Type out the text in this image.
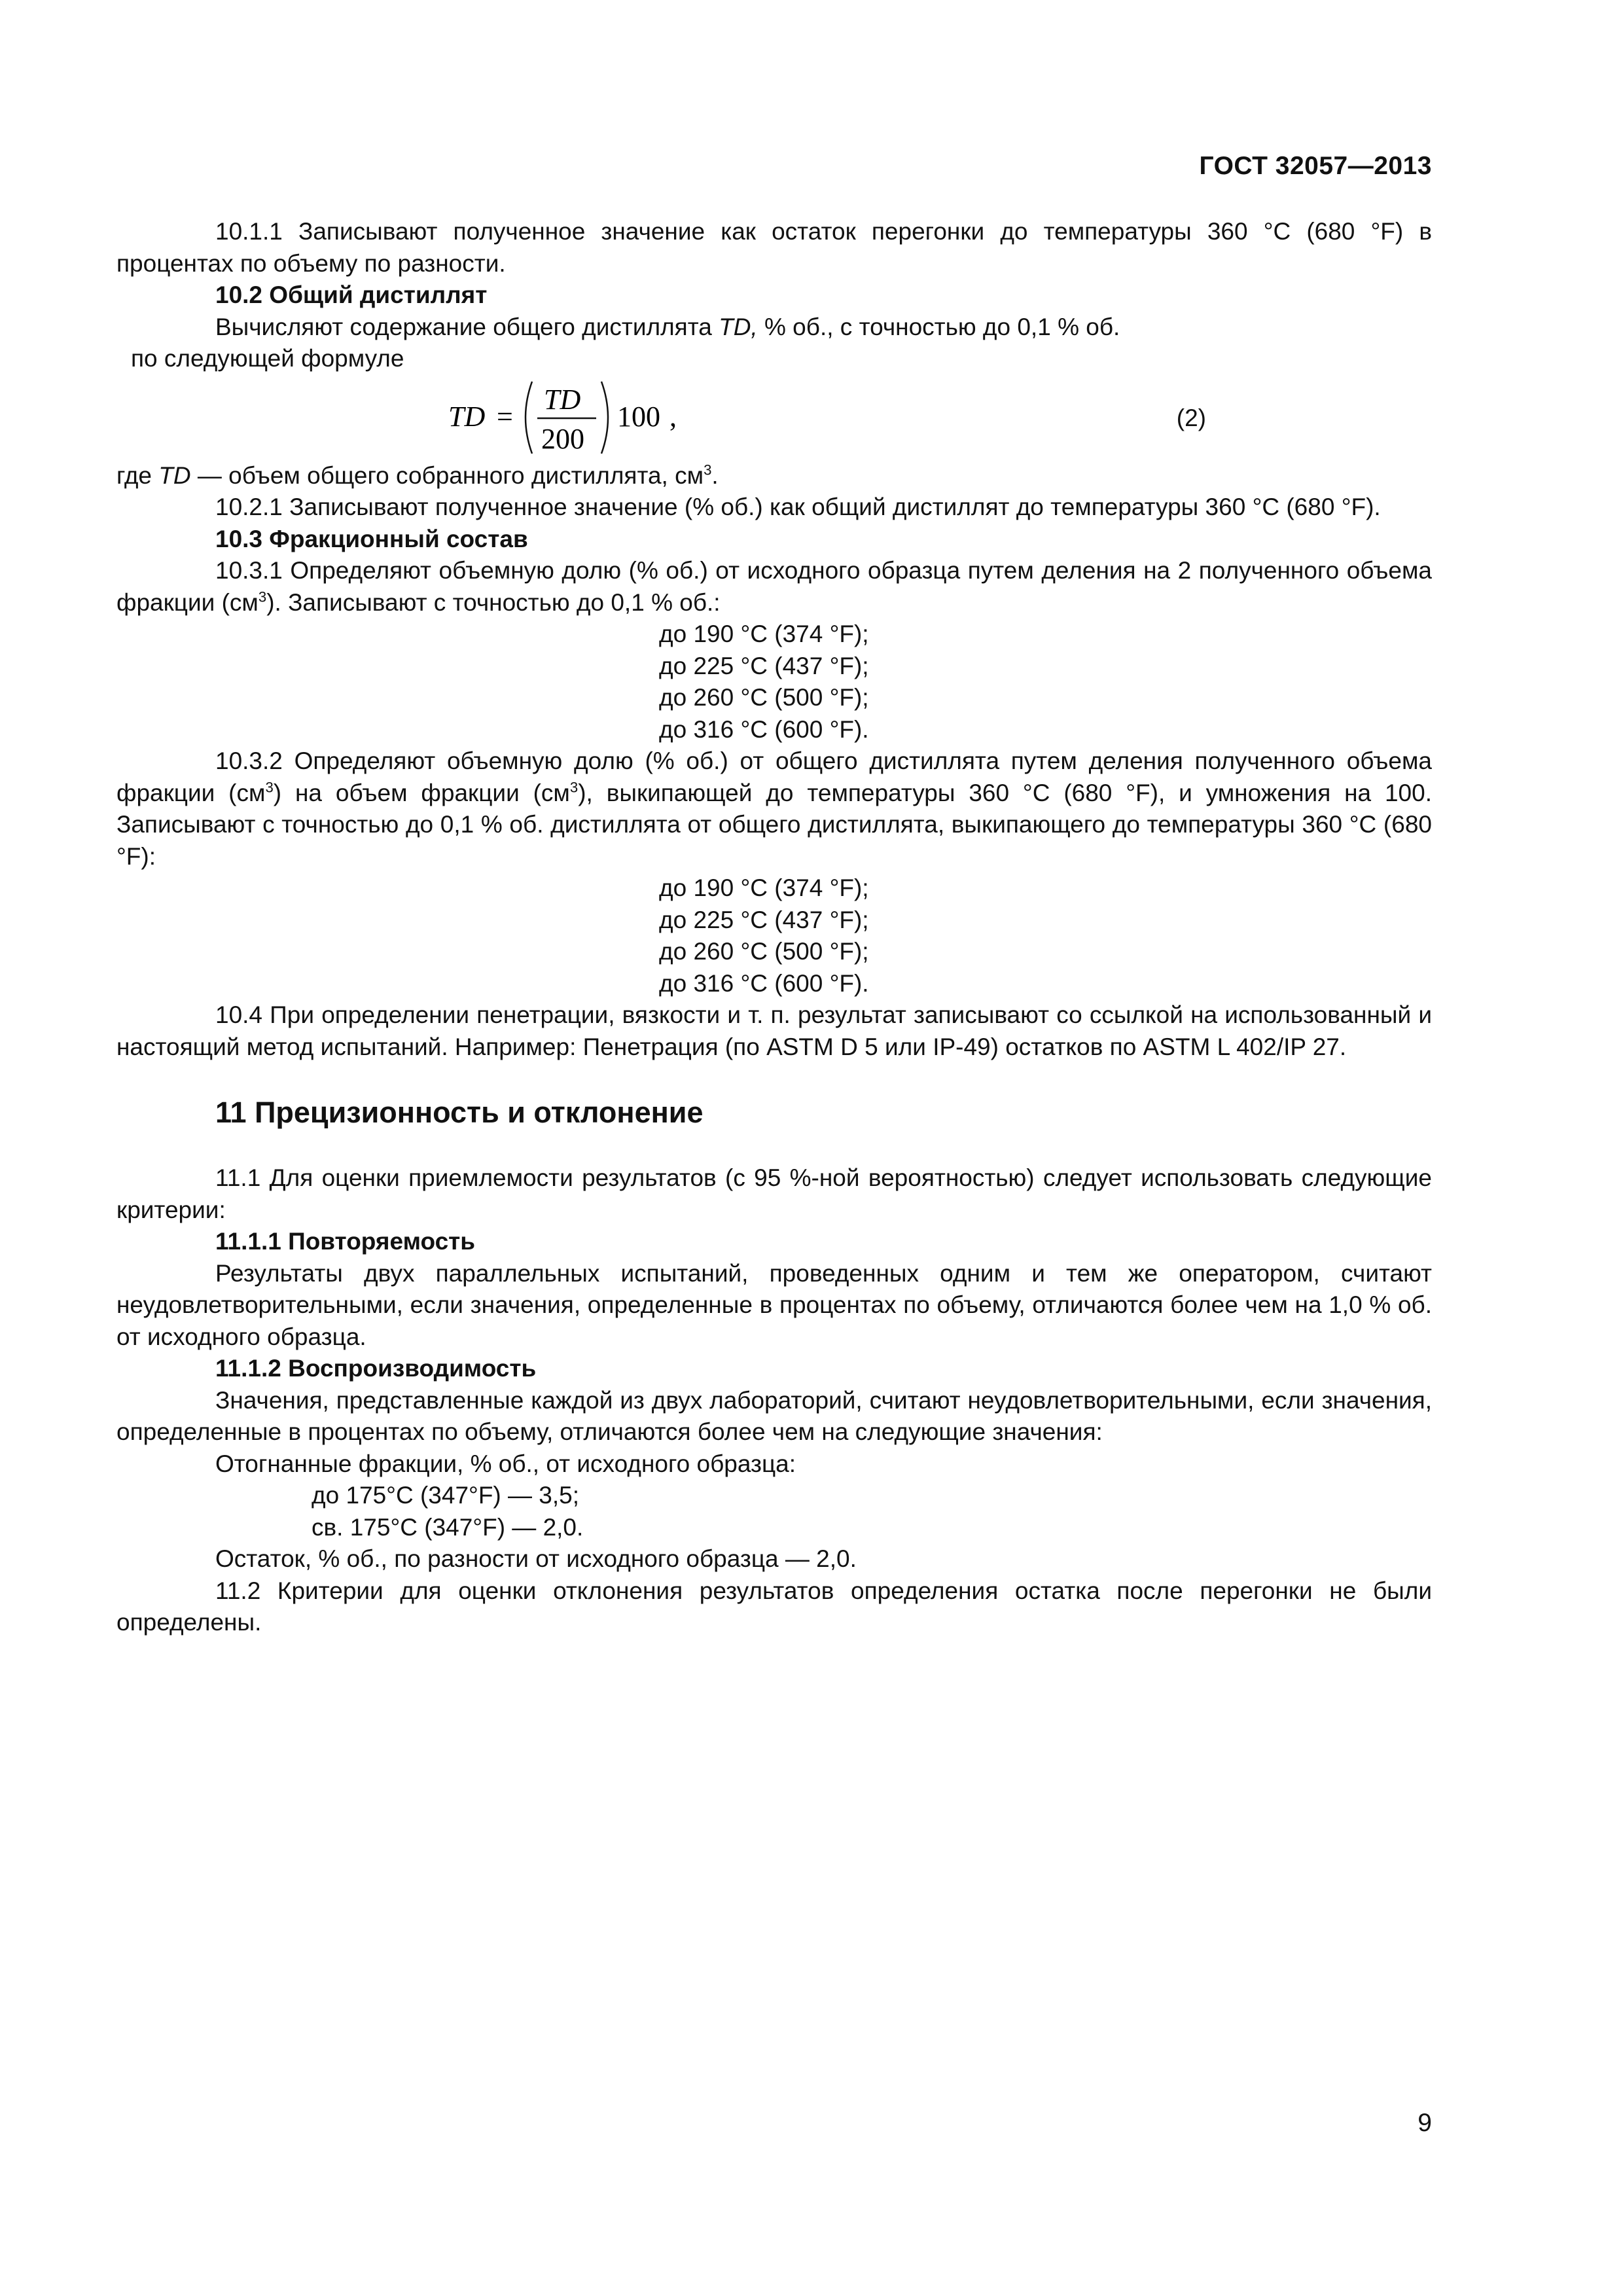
ГОСТ 32057—2013

10.1.1 Записывают полученное значение как остаток перегонки до температуры 360 °С (680 °F) в процентах по объему по разности.

10.2 Общий дистиллят

Вычисляют содержание общего дистиллята TD, % об., с точностью до 0,1 % об.

по следующей формуле

TD =
TD
200
100 ,	(2)

где TD — объем общего собранного дистиллята, $см^3$.

10.2.1 Записывают полученное значение (% об.) как общий дистиллят до температуры 360 °С (680 °F).

10.3 Фракционный состав

10.3.1 Определяют объемную долю (% об.) от исходного образца путем деления на 2 полученного объема фракции $(см^3)$. Записывают с точностью до 0,1 % об.:

до 190 °С (374 °F);

до 225 °С (437 °F);

до 260 °С (500 °F);

до 316 °С (600 °F).

10.3.2 Определяют объемную долю (% об.) от общего дистиллята путем деления полученного объема фракции $(см^3)$ на объем фракции $(см^3)$, выкипающей до температуры 360 °С (680 °F), и умножения на 100. Записывают с точностью до 0,1 % об. дистиллята от общего дистиллята, выкипающего до температуры 360 °С (680 °F):

до 190 °С (374 °F);

до 225 °С (437 °F);

до 260 °С (500 °F);

до 316 °С (600 °F).

10.4 При определении пенетрации, вязкости и т. п. результат записывают со ссылкой на использованный и настоящий метод испытаний. Например: Пенетрация (по ASTM D 5 или IP-49) остатков по ASTM L 402/IP 27.

11 Прецизионность и отклонение

11.1 Для оценки приемлемости результатов (с 95 %-ной вероятностью) следует использовать следующие критерии:

11.1.1 Повторяемость

Результаты двух параллельных испытаний, проведенных одним и тем же оператором, считают неудовлетворительными, если значения, определенные в процентах по объему, отличаются более чем на 1,0 % об. от исходного образца.

11.1.2 Воспроизводимость

Значения, представленные каждой из двух лабораторий, считают неудовлетворительными, если значения, определенные в процентах по объему, отличаются более чем на следующие значения:

Отогнанные фракции, % об., от исходного образца:

до 175°С (347°F) — 3,5;

св. 175°С (347°F) — 2,0.

Остаток, % об., по разности от исходного образца — 2,0.

11.2 Критерии для оценки отклонения результатов определения остатка после перегонки не были определены.

9
